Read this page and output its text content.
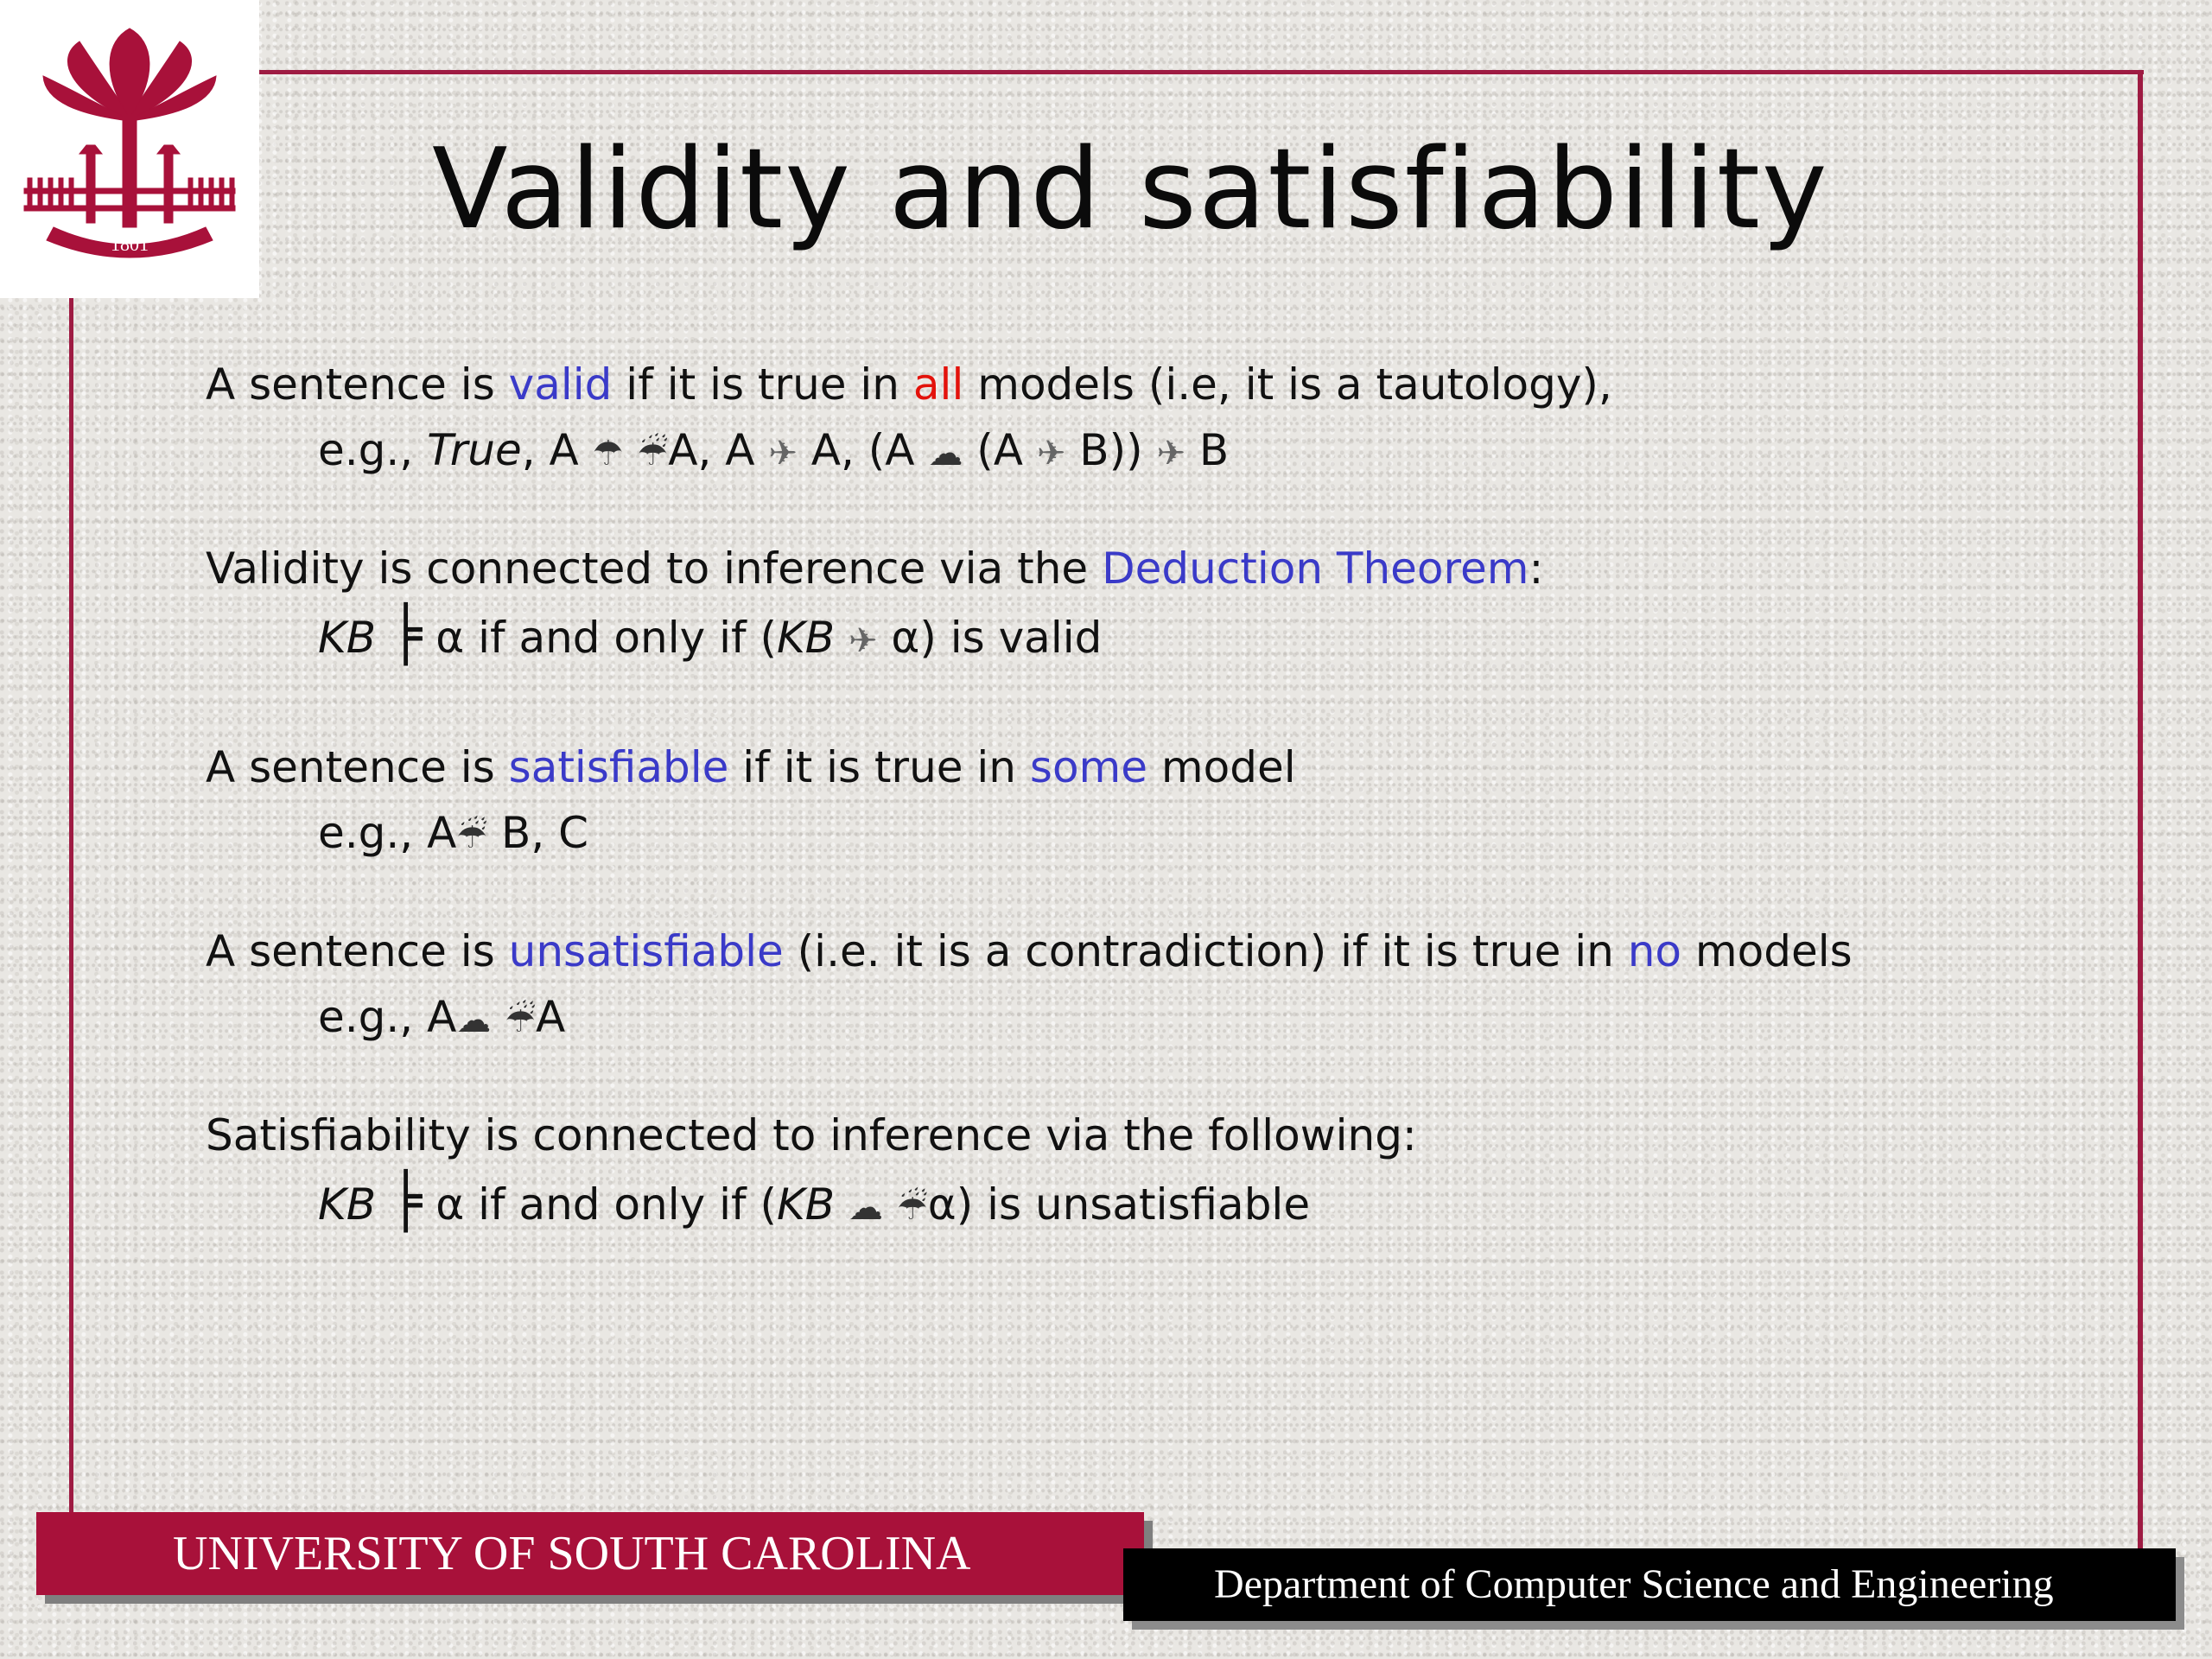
1801	Validity and satisfiability
A sentence is valid if it is true in all models (i.e, it is a tautology),
e.g., True, A ☂ ☔A, A ✈ A, (A ☁ (A ✈ B)) ✈ B
Validity is connected to inference via the Deduction Theorem:
KB ╞ α if and only if (KB ✈ α) is valid
A sentence is satisfiable if it is true in some model
e.g., A☔ B, C
A sentence is unsatisfiable (i.e. it is a contradiction) if it is true in no models
e.g., A☁ ☔A
Satisfiability is connected to inference via the following:
KB ╞ α if and only if (KB ☁ ☔α) is unsatisfiable
UNIVERSITY OF SOUTH CAROLINA
Department of Computer Science and Engineering
